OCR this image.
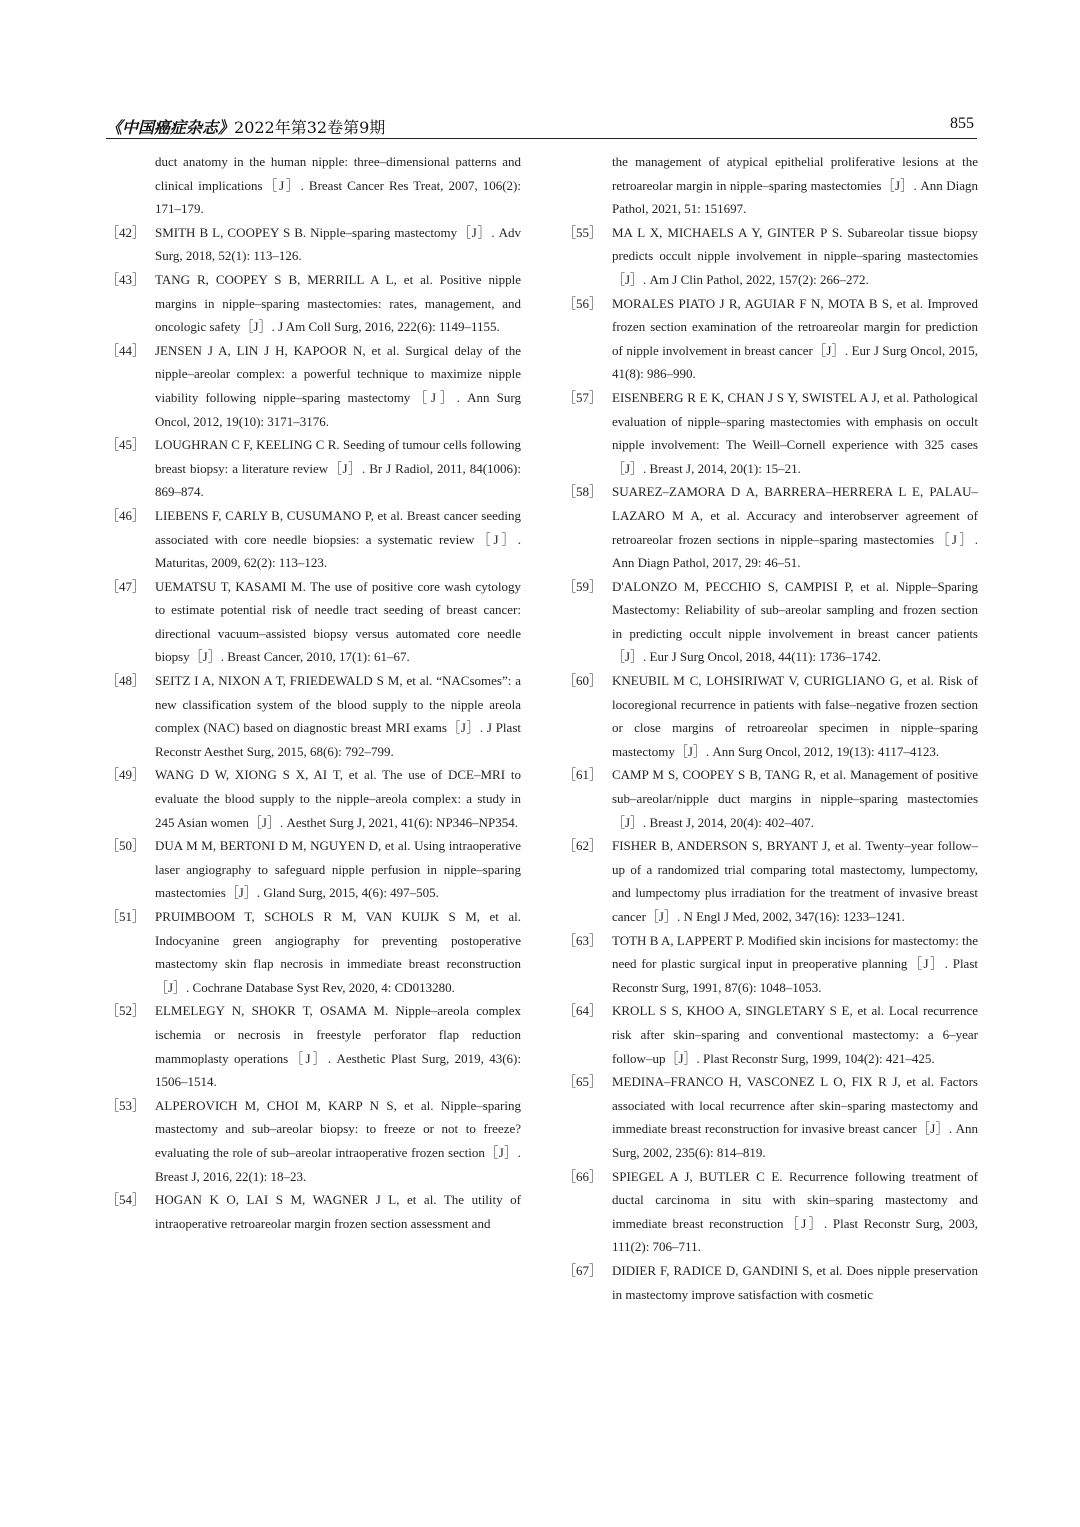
《中国癌症杂志》2022年第32卷第9期	855

duct anatomy in the human nipple: three–dimensional patterns and clinical implications［J］. Breast Cancer Res Treat, 2007, 106(2): 171–179.

［42］ SMITH B L, COOPEY S B. Nipple–sparing mastectomy［J］. Adv Surg, 2018, 52(1): 113–126.

［43］ TANG R, COOPEY S B, MERRILL A L, et al. Positive nipple margins in nipple–sparing mastectomies: rates, management, and oncologic safety［J］. J Am Coll Surg, 2016, 222(6): 1149–1155.

［44］ JENSEN J A, LIN J H, KAPOOR N, et al. Surgical delay of the nipple–areolar complex: a powerful technique to maximize nipple viability following nipple–sparing mastectomy［J］. Ann Surg Oncol, 2012, 19(10): 3171–3176.

［45］ LOUGHRAN C F, KEELING C R. Seeding of tumour cells following breast biopsy: a literature review［J］. Br J Radiol, 2011, 84(1006): 869–874.

［46］ LIEBENS F, CARLY B, CUSUMANO P, et al. Breast cancer seeding associated with core needle biopsies: a systematic review［J］. Maturitas, 2009, 62(2): 113–123.

［47］ UEMATSU T, KASAMI M. The use of positive core wash cytology to estimate potential risk of needle tract seeding of breast cancer: directional vacuum–assisted biopsy versus automated core needle biopsy［J］. Breast Cancer, 2010, 17(1): 61–67.

［48］ SEITZ I A, NIXON A T, FRIEDEWALD S M, et al. “NACsomes”: a new classification system of the blood supply to the nipple areola complex (NAC) based on diagnostic breast MRI exams［J］. J Plast Reconstr Aesthet Surg, 2015, 68(6): 792–799.

［49］ WANG D W, XIONG S X, AI T, et al. The use of DCE–MRI to evaluate the blood supply to the nipple–areola complex: a study in 245 Asian women［J］. Aesthet Surg J, 2021, 41(6): NP346–NP354.

［50］ DUA M M, BERTONI D M, NGUYEN D, et al. Using intraoperative laser angiography to safeguard nipple perfusion in nipple–sparing mastectomies［J］. Gland Surg, 2015, 4(6): 497–505.

［51］ PRUIMBOOM T, SCHOLS R M, VAN KUIJK S M, et al. Indocyanine green angiography for preventing postoperative mastectomy skin flap necrosis in immediate breast reconstruction［J］. Cochrane Database Syst Rev, 2020, 4: CD013280.

［52］ ELMELEGY N, SHOKR T, OSAMA M. Nipple–areola complex ischemia or necrosis in freestyle perforator flap reduction mammoplasty operations［J］. Aesthetic Plast Surg, 2019, 43(6): 1506–1514.

［53］ ALPEROVICH M, CHOI M, KARP N S, et al. Nipple–sparing mastectomy and sub–areolar biopsy: to freeze or not to freeze? evaluating the role of sub–areolar intraoperative frozen section［J］. Breast J, 2016, 22(1): 18–23.

［54］ HOGAN K O, LAI S M, WAGNER J L, et al. The utility of intraoperative retroareolar margin frozen section assessment and

the management of atypical epithelial proliferative lesions at the retroareolar margin in nipple–sparing mastectomies［J］. Ann Diagn Pathol, 2021, 51: 151697.

［55］ MA L X, MICHAELS A Y, GINTER P S. Subareolar tissue biopsy predicts occult nipple involvement in nipple–sparing mastectomies［J］. Am J Clin Pathol, 2022, 157(2): 266–272.

［56］ MORALES PIATO J R, AGUIAR F N, MOTA B S, et al. Improved frozen section examination of the retroareolar margin for prediction of nipple involvement in breast cancer［J］. Eur J Surg Oncol, 2015, 41(8): 986–990.

［57］ EISENBERG R E K, CHAN J S Y, SWISTEL A J, et al. Pathological evaluation of nipple–sparing mastectomies with emphasis on occult nipple involvement: The Weill–Cornell experience with 325 cases［J］. Breast J, 2014, 20(1): 15–21.

［58］ SUAREZ–ZAMORA D A, BARRERA–HERRERA L E, PALAU–LAZARO M A, et al. Accuracy and interobserver agreement of retroareolar frozen sections in nipple–sparing mastectomies［J］. Ann Diagn Pathol, 2017, 29: 46–51.

［59］ D'ALONZO M, PECCHIO S, CAMPISI P, et al. Nipple–Sparing Mastectomy: Reliability of sub–areolar sampling and frozen section in predicting occult nipple involvement in breast cancer patients［J］. Eur J Surg Oncol, 2018, 44(11): 1736–1742.

［60］ KNEUBIL M C, LOHSIRIWAT V, CURIGLIANO G, et al. Risk of locoregional recurrence in patients with false–negative frozen section or close margins of retroareolar specimen in nipple–sparing mastectomy［J］. Ann Surg Oncol, 2012, 19(13): 4117–4123.

［61］ CAMP M S, COOPEY S B, TANG R, et al. Management of positive sub–areolar/nipple duct margins in nipple–sparing mastectomies［J］. Breast J, 2014, 20(4): 402–407.

［62］ FISHER B, ANDERSON S, BRYANT J, et al. Twenty–year follow–up of a randomized trial comparing total mastectomy, lumpectomy, and lumpectomy plus irradiation for the treatment of invasive breast cancer［J］. N Engl J Med, 2002, 347(16): 1233–1241.

［63］ TOTH B A, LAPPERT P. Modified skin incisions for mastectomy: the need for plastic surgical input in preoperative planning［J］. Plast Reconstr Surg, 1991, 87(6): 1048–1053.

［64］ KROLL S S, KHOO A, SINGLETARY S E, et al. Local recurrence risk after skin–sparing and conventional mastectomy: a 6–year follow–up［J］. Plast Reconstr Surg, 1999, 104(2): 421–425.

［65］ MEDINA–FRANCO H, VASCONEZ L O, FIX R J, et al. Factors associated with local recurrence after skin–sparing mastectomy and immediate breast reconstruction for invasive breast cancer［J］. Ann Surg, 2002, 235(6): 814–819.

［66］ SPIEGEL A J, BUTLER C E. Recurrence following treatment of ductal carcinoma in situ with skin–sparing mastectomy and immediate breast reconstruction［J］. Plast Reconstr Surg, 2003, 111(2): 706–711.

［67］ DIDIER F, RADICE D, GANDINI S, et al. Does nipple preservation in mastectomy improve satisfaction with cosmetic
